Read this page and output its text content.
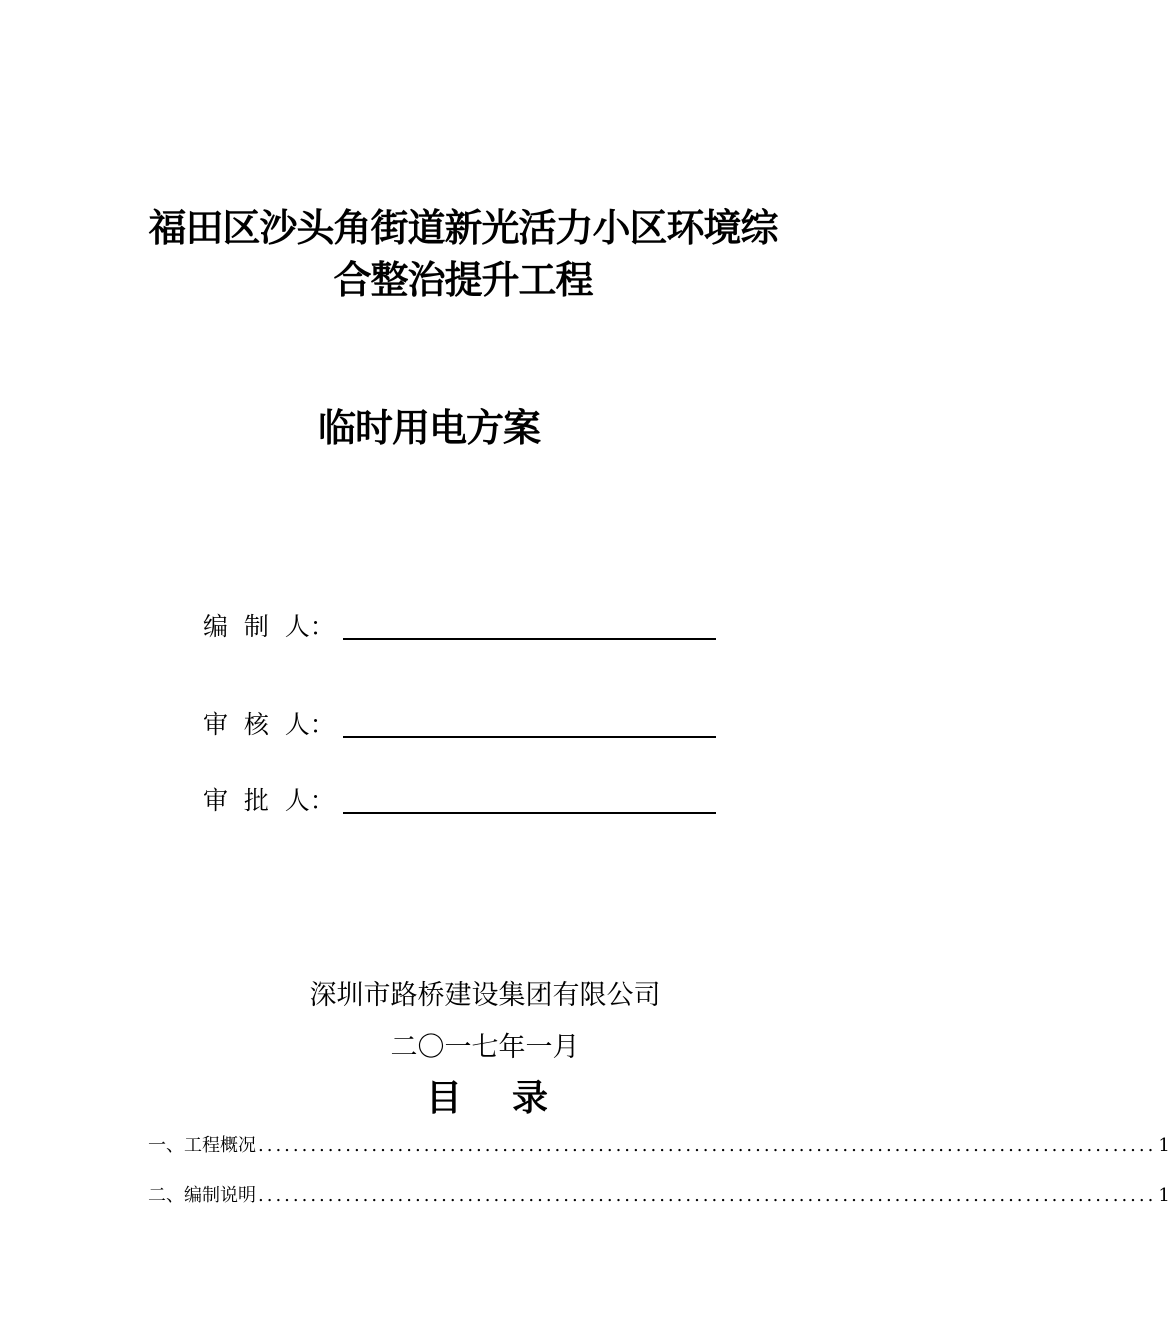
福田区沙头角街道新光活力小区环境综
合整治提升工程
临时用电方案
编  制  人：
审  核  人：
审  批  人：
深圳市路桥建设集团有限公司
二〇一七年一月
目    录
一、工程概况 ....................................................................................................... 1
二、编制说明 ....................................................................................................... 1
